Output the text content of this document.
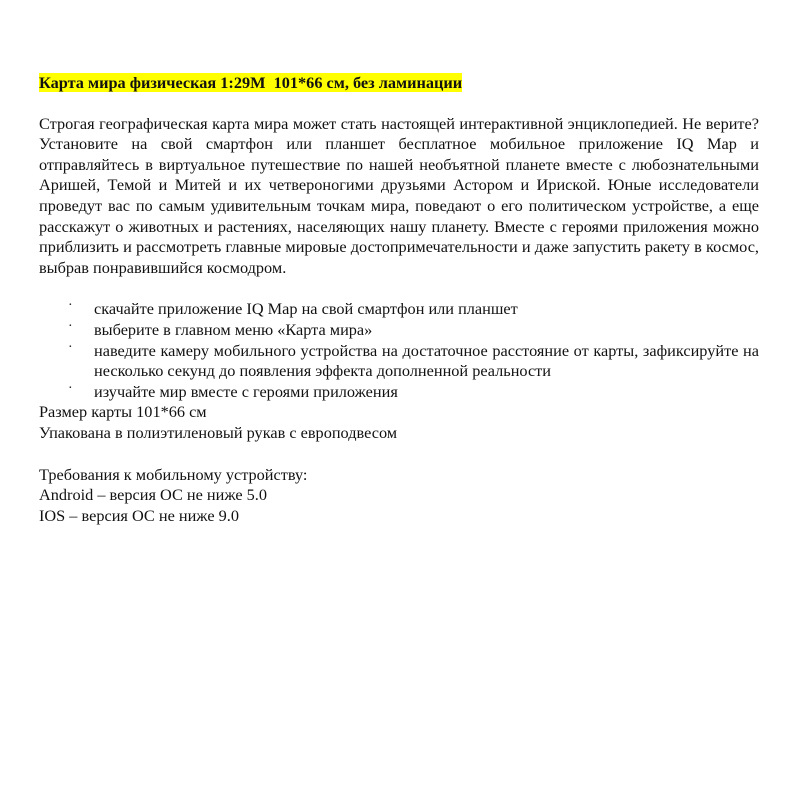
Карта мира физическая 1:29М  101*66 см, без ламинации

Строгая географическая карта мира может стать настоящей интерактивной энциклопедией. Не верите? Установите на свой смартфон или планшет бесплатное мобильное приложение IQ Map и отправляйтесь в виртуальное путешествие по нашей необъятной планете вместе с любознательными Аришей, Темой и Митей и их четвероногими друзьями Астором и Ириской. Юные исследователи проведут вас по самым удивительным точкам мира, поведают о его политическом устройстве, а еще расскажут о животных и растениях, населяющих нашу планету. Вместе с героями приложения можно приблизить и рассмотреть главные мировые достопримечательности и даже запустить ракету в космос, выбрав понравившийся космодром.

· скачайте приложение IQ Map на свой смартфон или планшет
· выберите в главном меню «Карта мира»
· наведите камеру мобильного устройства на достаточное расстояние от карты, зафиксируйте на несколько секунд до появления эффекта дополненной реальности
· изучайте мир вместе с героями приложения

Размер карты 101*66 см

Упакована в полиэтиленовый рукав с европодвесом

Требования к мобильному устройству:

Android – версия ОС не ниже 5.0

IOS – версия ОС не ниже 9.0
